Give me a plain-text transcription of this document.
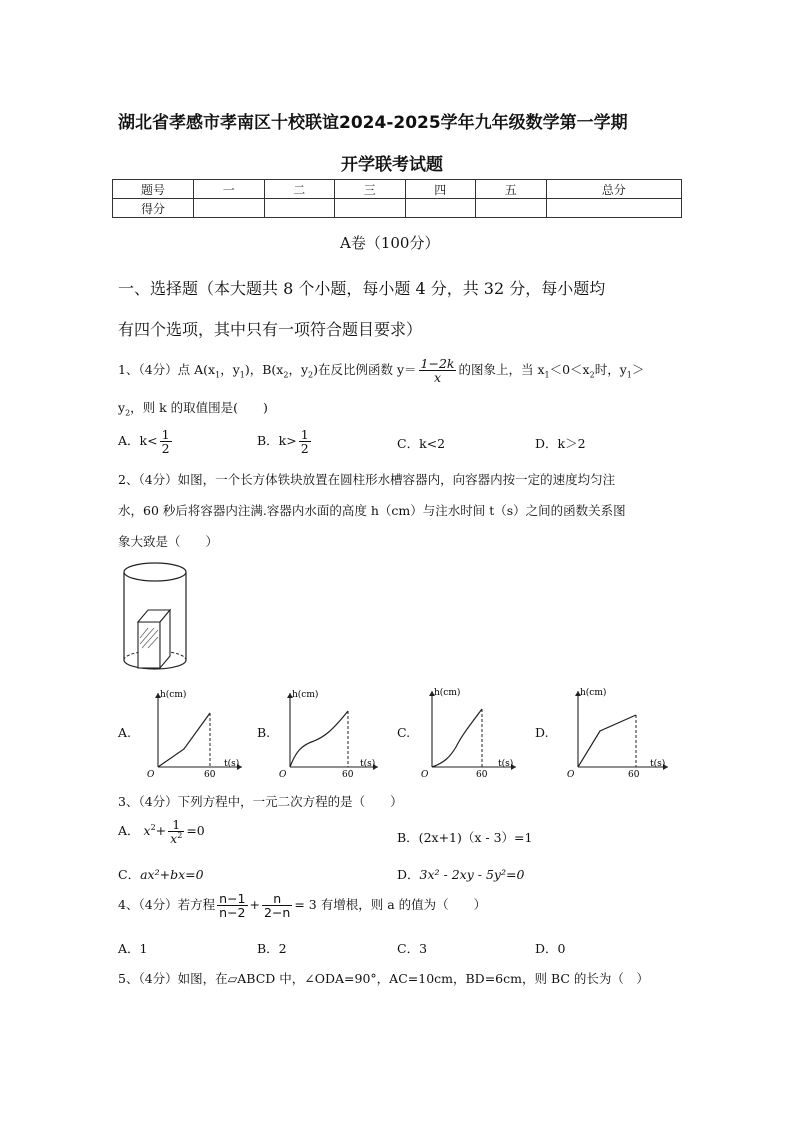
湖北省孝感市孝南区十校联谊2024-2025学年九年级数学第一学期
开学联考试题
题号	一	二	三	四	五	总分
得分						
A卷（100分）
一、选择题（本大题共 8 个小题，每小题 4 分，共 32 分，每小题均
有四个选项，其中只有一项符合题目要求）
1、（4分）点 $A(x_1$，$y_1$)，$B(x_2$，$y_2$)在反比例函数 $y= \frac{1-2k}{x}$ 的图象上，当 $x_1<0<x_2$时，$y_1>$
$y_2$，则 k 的取值围是(　　)
A．$k< \frac{1}{2}$	B．$k> \frac{1}{2}$	C．k<2	D．k＞2
2、（4分）如图，一个长方体铁块放置在圆柱形水槽容器内，向容器内按一定的速度均匀注
水，60 秒后将容器内注满.容器内水面的高度 h（cm）与注水时间 t（s）之间的函数关系图
象大致是（　　）
A.
h(cm)
t(s)
O	60
B.
h(cm)
t(s)
O	60
C.
h(cm)
t(s)
O	60
D.
h(cm)
t(s)
O	60
3、（4分）下列方程中，一元二次方程的是（　　）
A． $x^2+ \frac{1}{x^2} =0$	B．(2x+1)（x - 3）=1
C．ax²+bx=0	D．3x² - 2xy - 5y²=0
4、（4分）若方程 $\frac{n-1}{n-2} + \frac{n}{2-n} = 3$ 有增根，则 a 的值为（　　）
A．1	B．2	C．3	D．0
5、（4分）如图，在▱ABCD 中，∠ODA=90°，AC=10cm，BD=6cm，则 BC 的长为（　）
